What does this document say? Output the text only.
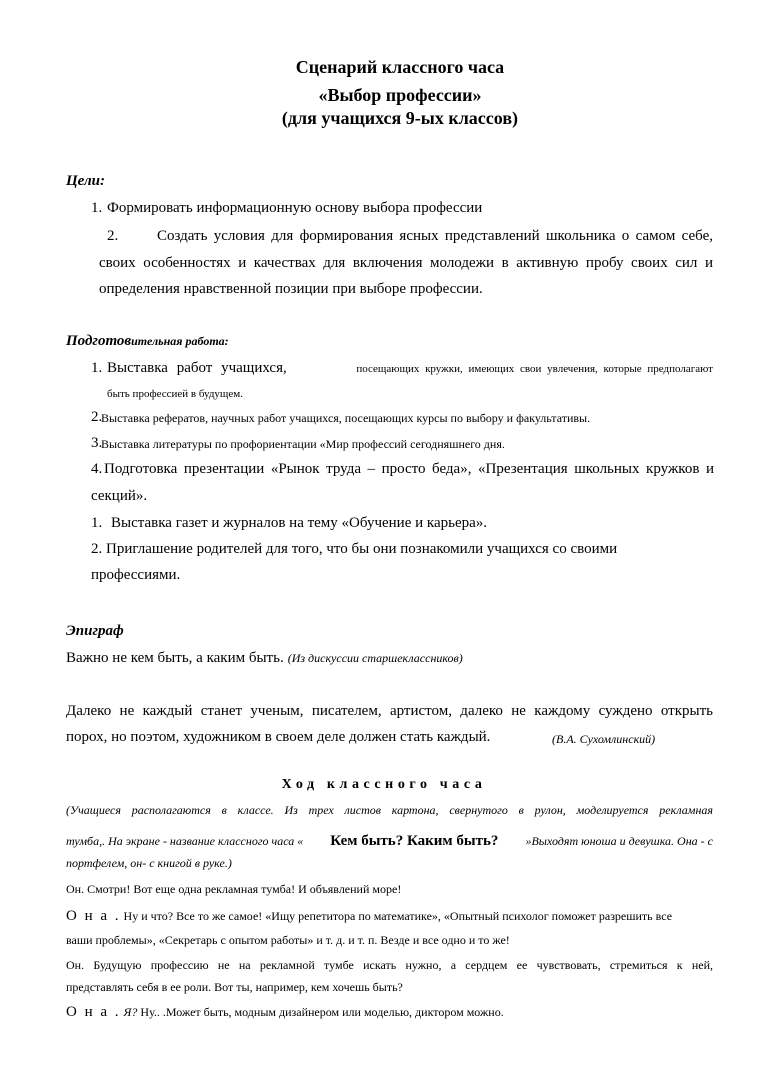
Сценарий классного часа
«Выбор профессии»
(для учащихся 9-ых классов)
Цели:
1. Формировать информационную основу выбора профессии
2.	Создать условия для формирования ясных представлений школьника о самом себе,
своих особенностях и качествах для включения молодежи в активную пробу своих сил и
определения нравственной позиции при выборе профессии.
Подготовительная работа:
1. Выставка работ учащихся,	посещающих кружки, имеющих свои увлечения, которые предполагают
быть профессией в будущем.
2.
Выставка рефератов, научных работ учащихся, посещающих курсы по выбору и факультативы.
3.
Выставка литературы по профориентации «Мир профессий сегодняшнего дня.
4. Подготовка презентации «Рынок труда – просто беда», «Презентация школьных кружков и
секций».
1. Выставка газет и журналов на тему «Обучение и карьера».
2. Приглашение родителей для того, что бы они познакомили учащихся со своими
профессиями.
Эпиграф
Важно не кем быть, а каким быть. (Из дискуссии старшеклассников)
Далеко не каждый станет ученым, писателем, артистом, далеко не каждому суждено открыть
порох, но поэтом, художником в своем деле должен стать каждый.	(В.А. Сухомлинский)
Ход классного часа
(Учащиеся располагаются в классе. Из трех листов картона, свернутого в рулон, моделируется рекламная
тумба,. На экране - название классного часа « Кем быть? Каким быть? »Выходят юноша и девушка. Она - с
портфелем, он- с книгой в руке.)
Он. Смотри! Вот еще одна рекламная тумба! И объявлений море!
О н а . Ну и что? Все то же самое! «Ищу репетитора по математике», «Опытный психолог поможет разрешить все
ваши проблемы», «Секретарь с опытом работы» и т. д. и т. п. Везде и все одно и то же!
Он. Будущую профессию не на рекламной тумбе искать нужно, а сердцем ее чувствовать, стремиться к ней,
представлять себя в ее роли. Вот ты, например, кем хочешь быть?
О н а . Я? Ну.. .Может быть, модным дизайнером или моделью, диктором можно.
